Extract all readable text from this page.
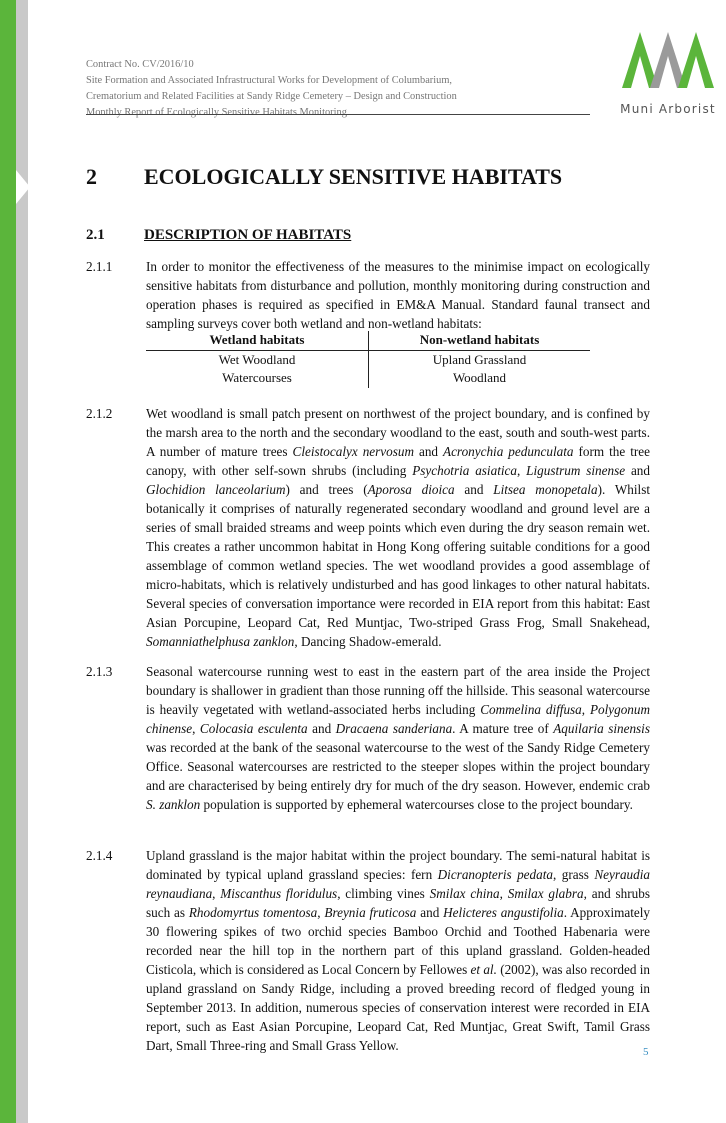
Contract No. CV/2016/10
Site Formation and Associated Infrastructural Works for Development of Columbarium,
Crematorium and Related Facilities at Sandy Ridge Cemetery – Design and Construction
Monthly Report of Ecologically Sensitive Habitats Monitoring	Muni Arborist
2 ECOLOGICALLY SENSITIVE HABITATS
2.1	DESCRIPTION OF HABITATS
2.1.1	In order to monitor the effectiveness of the measures to the minimise impact on ecologically sensitive habitats from disturbance and pollution, monthly monitoring during construction and operation phases is required as specified in EM&A Manual. Standard faunal transect and sampling surveys cover both wetland and non-wetland habitats:

Wetland habitats	Non-wetland habitats
Wet Woodland	Upland Grassland
Watercourses	Woodland
2.1.2	Wet woodland is small patch present on northwest of the project boundary, and is confined by the marsh area to the north and the secondary woodland to the east, south and south-west parts. A number of mature trees Cleistocalyx nervosum and Acronychia pedunculata form the tree canopy, with other self-sown shrubs (including Psychotria asiatica, Ligustrum sinense and Glochidion lanceolarium) and trees (Aporosa dioica and Litsea monopetala). Whilst botanically it comprises of naturally regenerated secondary woodland and ground level are a series of small braided streams and weep points which even during the dry season remain wet. This creates a rather uncommon habitat in Hong Kong offering suitable conditions for a good assemblage of common wetland species. The wet woodland provides a good assemblage of micro-habitats, which is relatively undisturbed and has good linkages to other natural habitats. Several species of conversation importance were recorded in EIA report from this habitat: East Asian Porcupine, Leopard Cat, Red Muntjac, Two-striped Grass Frog, Small Snakehead, Somanniathelphusa zanklon, Dancing Shadow-emerald.

2.1.3	Seasonal watercourse running west to east in the eastern part of the area inside the Project boundary is shallower in gradient than those running off the hillside. This seasonal watercourse is heavily vegetated with wetland-associated herbs including Commelina diffusa, Polygonum chinense, Colocasia esculenta and Dracaena sanderiana. A mature tree of Aquilaria sinensis was recorded at the bank of the seasonal watercourse to the west of the Sandy Ridge Cemetery Office. Seasonal watercourses are restricted to the steeper slopes within the project boundary and are characterised by being entirely dry for much of the dry season. However, endemic crab S. zanklon population is supported by ephemeral watercourses close to the project boundary.

2.1.4	Upland grassland is the major habitat within the project boundary. The semi-natural habitat is dominated by typical upland grassland species: fern Dicranopteris pedata, grass Neyraudia reynaudiana, Miscanthus floridulus, climbing vines Smilax china, Smilax glabra, and shrubs such as Rhodomyrtus tomentosa, Breynia fruticosa and Helicteres angustifolia. Approximately 30 flowering spikes of two orchid species Bamboo Orchid and Toothed Habenaria were recorded near the hill top in the northern part of this upland grassland. Golden-headed Cisticola, which is considered as Local Concern by Fellowes et al. (2002), was also recorded in upland grassland on Sandy Ridge, including a proved breeding record of fledged young in September 2013. In addition, numerous species of conservation interest were recorded in EIA report, such as East Asian Porcupine, Leopard Cat, Red Muntjac, Great Swift, Tamil Grass Dart, Small Three-ring and Small Grass Yellow.	5
